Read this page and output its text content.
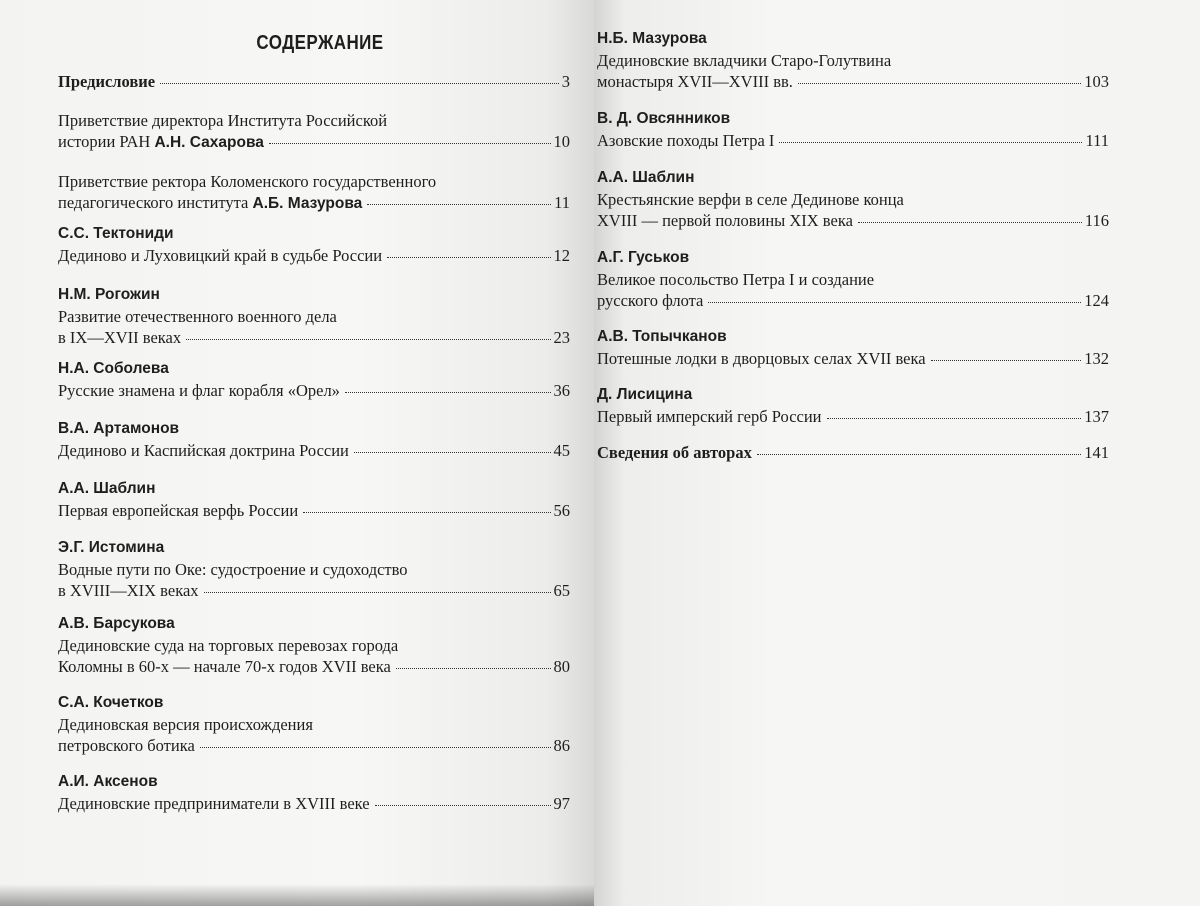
СОДЕРЖАНИЕ
Предисловие	3
Приветствие директора Института Российской
истории РАН
А.Н. Сахарова	10
Приветствие ректора Коломенского государственного
педагогического института
А.Б. Мазурова	11
С.С. Тектониди
Дединово и Луховицкий край в судьбе России	12
Н.М. Рогожин
Развитие отечественного военного дела
в IX—XVII веках	23
Н.А. Соболева
Русские знамена и флаг корабля «Орел»	36
В.А. Артамонов
Дединово и Каспийская доктрина России	45
А.А. Шаблин
Первая европейская верфь России	56
Э.Г. Истомина
Водные пути по Оке: судостроение и судоходство
в XVIII—XIX веках	65
А.В. Барсукова
Дединовские суда на торговых перевозах города
Коломны в 60-х — начале 70-х годов XVII века	80
С.А. Кочетков
Дединовская версия происхождения
петровского ботика	86
А.И. Аксенов
Дединовские предприниматели в XVIII веке	97
Н.Б. Мазурова
Дединовские вкладчики Старо-Голутвина
монастыря XVII—XVIII вв.	103
В. Д. Овсянников
Азовские походы Петра I	111
А.А. Шаблин
Крестьянские верфи в селе Дединове конца
XVIII — первой половины XIX века	116
А.Г. Гуськов
Великое посольство Петра I и создание
русского флота	124
А.В. Топычканов
Потешные лодки в дворцовых селах XVII века	132
Д. Лисицина
Первый имперский герб России	137
Сведения об авторах	141
